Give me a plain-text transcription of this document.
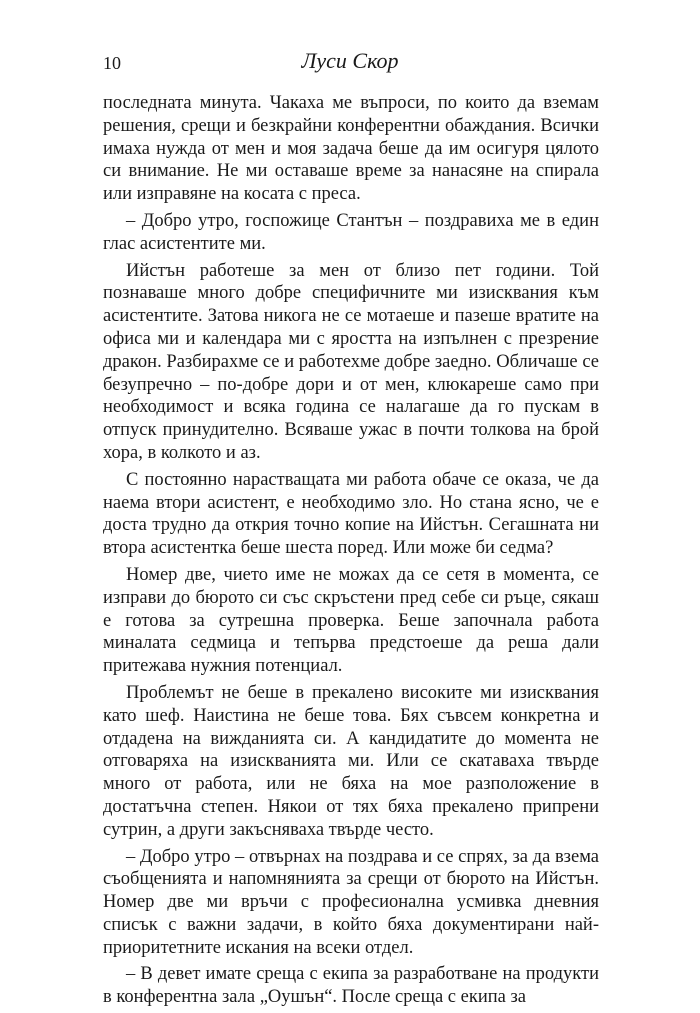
10	Луси Скор

последната минута. Чакаха ме въпроси, по които да вземам решения, срещи и безкрайни конферентни обаждания. Всички имаха нужда от мен и моя задача беше да им осигуря цялото си внимание. Не ми оставаше време за нанасяне на спирала или изправяне на косата с преса.

– Добро утро, госпожице Стантън – поздравиха ме в един глас асистентите ми.

Ийстън работеше за мен от близо пет години. Той познаваше много добре специфичните ми изисквания към асистентите. Затова никога не се мотаеше и пазеше вратите на офиса ми и календара ми с яростта на изпълнен с презрение дракон. Разбирахме се и работехме добре заедно. Обличаше се безупречно – по-добре дори и от мен, клюкареше само при необходимост и всяка година се налагаше да го пускам в отпуск принудително. Всяваше ужас в почти толкова на брой хора, в колкото и аз.

С постоянно нарастващата ми работа обаче се оказа, че да наема втори асистент, е необходимо зло. Но стана ясно, че е доста трудно да открия точно копие на Ийстън. Сегашната ни втора асистентка беше шеста поред. Или може би седма?

Номер две, чието име не можах да се сетя в момента, се изправи до бюрото си със скръстени пред себе си ръце, сякаш е готова за сутрешна проверка. Беше започнала работа миналата седмица и тепърва предстоеше да реша дали притежава нужния потенциал.

Проблемът не беше в прекалено високите ми изисквания като шеф. Наистина не беше това. Бях съвсем конкретна и отдадена на вижданията си. А кандидатите до момента не отговаряха на изискванията ми. Или се скатаваха твърде много от работа, или не бяха на мое разположение в достатъчна степен. Някои от тях бяха прекалено припрени сутрин, а други закъсняваха твърде често.

– Добро утро – отвърнах на поздрава и се спрях, за да взема съобщенията и напомнянията за срещи от бюрото на Ийстън. Номер две ми връчи с професионална усмивка дневния списък с важни задачи, в който бяха документирани най-приоритетните искания на всеки отдел.

– В девет имате среща с екипа за разработване на продукти в конферентна зала „Оушън“. После среща с екипа за
